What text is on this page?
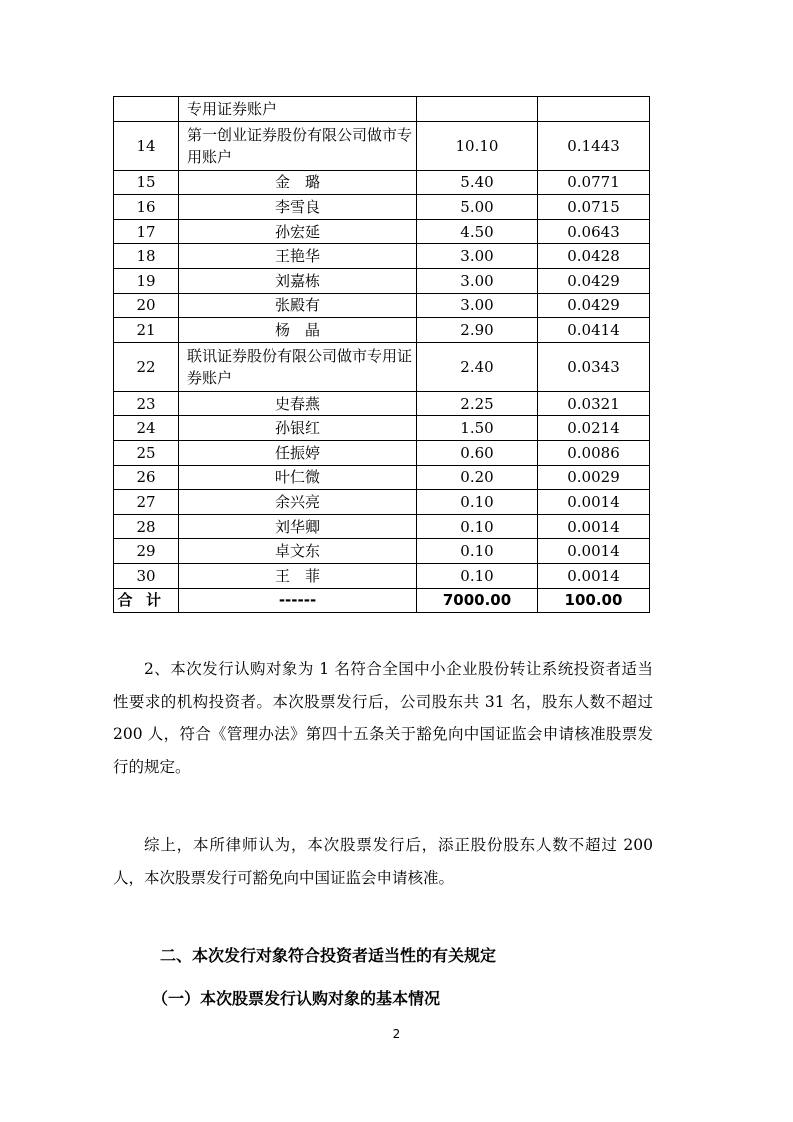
	专用证券账户		
14	第一创业证券股份有限公司做市专用账户	10.10	0.1443
15	金　璐	5.40	0.0771
16	李雪良	5.00	0.0715
17	孙宏延	4.50	0.0643
18	王艳华	3.00	0.0428
19	刘嘉栋	3.00	0.0429
20	张殿有	3.00	0.0429
21	杨　晶	2.90	0.0414
22	联讯证券股份有限公司做市专用证券账户	2.40	0.0343
23	史春燕	2.25	0.0321
24	孙银红	1.50	0.0214
25	任振婷	0.60	0.0086
26	叶仁微	0.20	0.0029
27	余兴亮	0.10	0.0014
28	刘华卿	0.10	0.0014
29	卓文东	0.10	0.0014
30	王　菲	0.10	0.0014
合计	------	7000.00	100.00

2、本次发行认购对象为 1 名符合全国中小企业股份转让系统投资者适当性要求的机构投资者。本次股票发行后，公司股东共 31 名，股东人数不超过 200 人，符合《管理办法》第四十五条关于豁免向中国证监会申请核准股票发行的规定。

综上，本所律师认为，本次股票发行后，添正股份股东人数不超过 200 人，本次股票发行可豁免向中国证监会申请核准。

二、本次发行对象符合投资者适当性的有关规定
（一）本次股票发行认购对象的基本情况
2
